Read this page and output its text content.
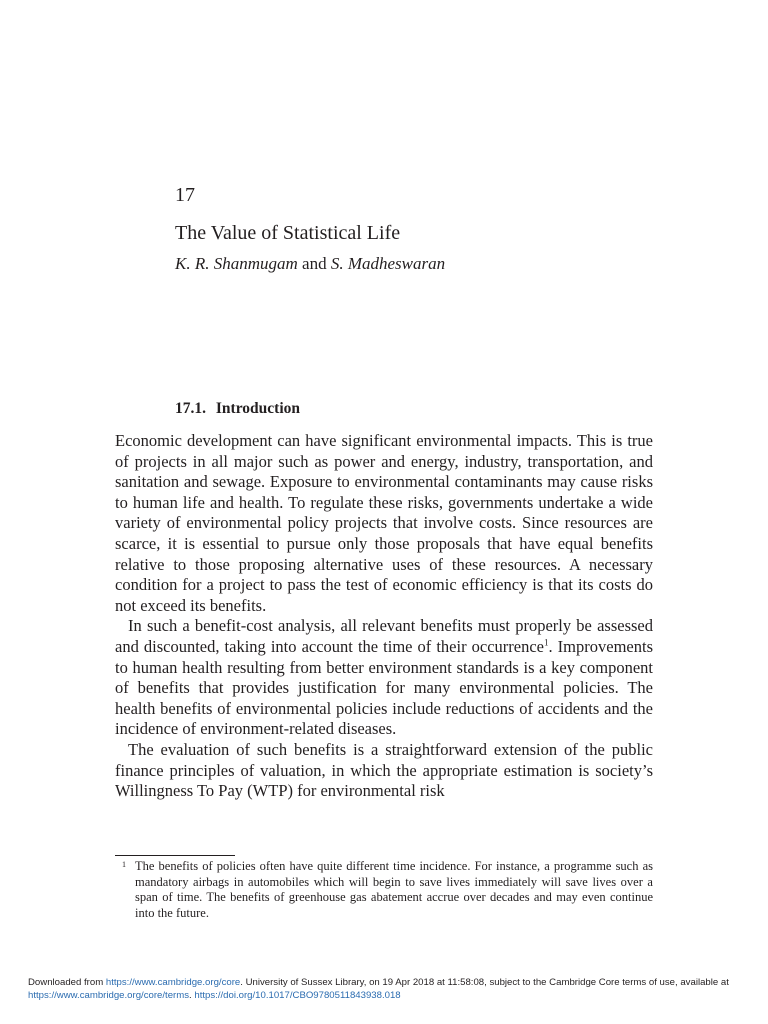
17
The Value of Statistical Life
K. R. Shanmugam and S. Madheswaran
17.1. Introduction

Economic development can have significant environmental impacts. This is true of projects in all major such as power and energy, industry, transportation, and sanitation and sewage. Exposure to environmental contaminants may cause risks to human life and health. To regulate these risks, governments undertake a wide variety of environmental policy projects that involve costs. Since resources are scarce, it is essential to pursue only those proposals that have equal benefits relative to those proposing alternative uses of these resources. A necessary condition for a project to pass the test of economic efficiency is that its costs do not exceed its benefits.

In such a benefit-cost analysis, all relevant benefits must properly be assessed and discounted, taking into account the time of their occurrence$^1$. Improvements to human health resulting from better environment standards is a key component of benefits that provides justification for many environmental policies. The health benefits of environmental policies include reductions of accidents and the incidence of environment-related diseases.

The evaluation of such benefits is a straightforward extension of the public finance principles of valuation, in which the appropriate estimation is society’s Willingness To Pay (WTP) for environmental risk

1 The benefits of policies often have quite different time incidence. For instance, a programme such as mandatory airbags in automobiles which will begin to save lives immediately will save lives over a span of time. The benefits of greenhouse gas abatement accrue over decades and may even continue into the future.
Downloaded from https://www.cambridge.org/core. University of Sussex Library, on 19 Apr 2018 at 11:58:08, subject to the Cambridge Core terms of use, available at https://www.cambridge.org/core/terms. https://doi.org/10.1017/CBO9780511843938.018
